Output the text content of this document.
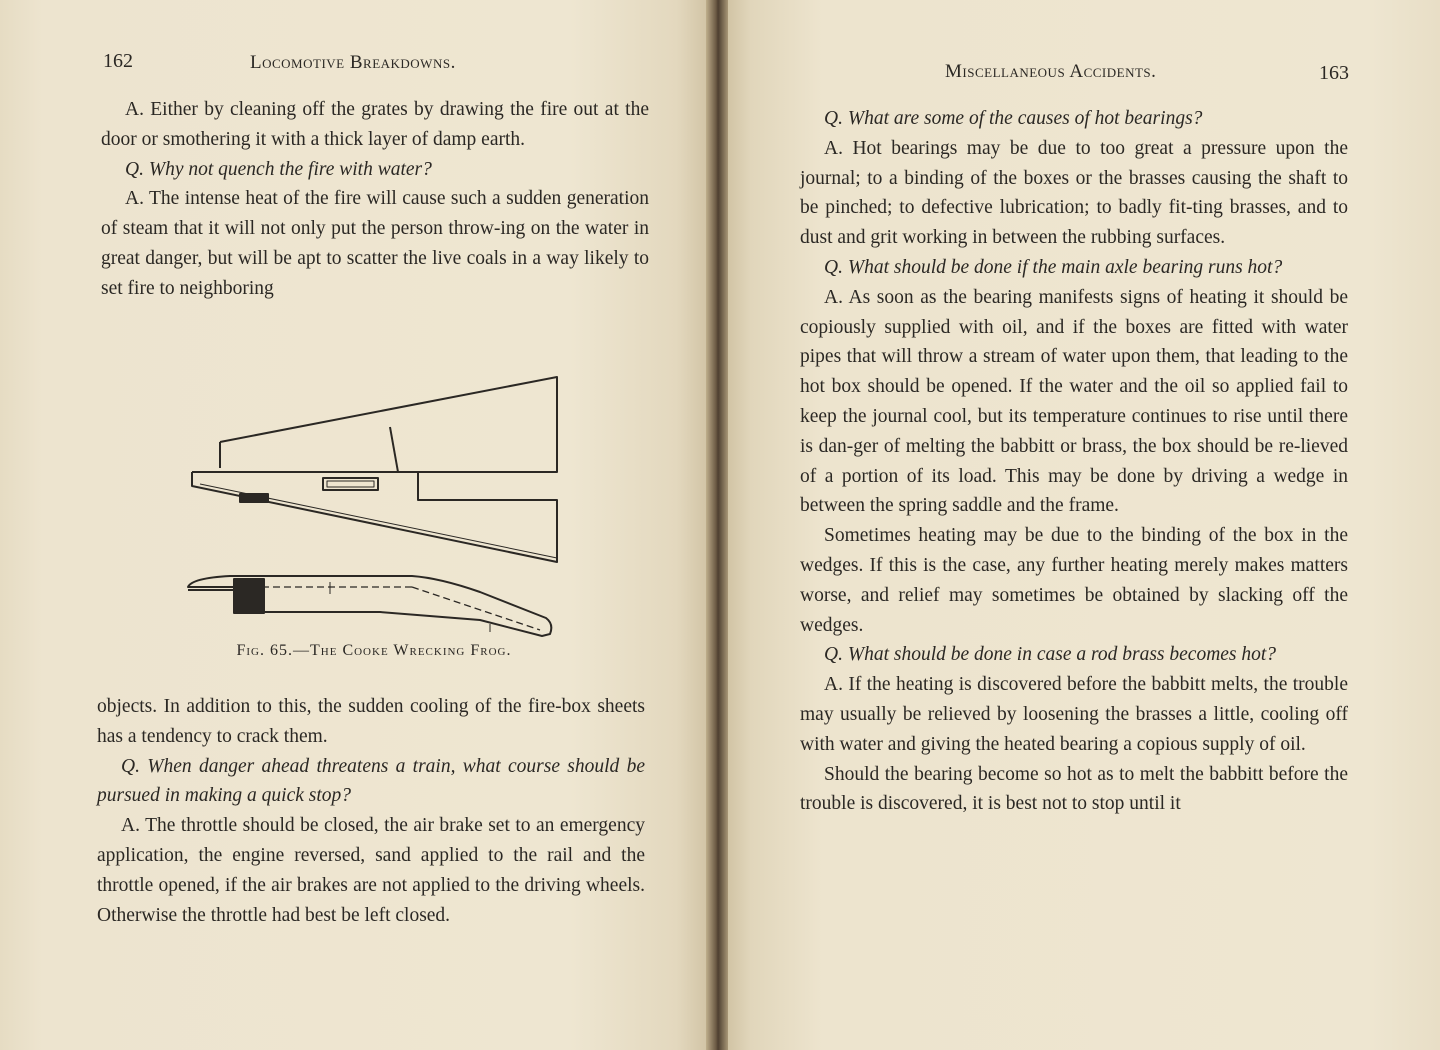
162	Locomotive Breakdowns.

A. Either by cleaning off the grates by drawing the fire out at the door or smothering it with a thick layer of damp earth.

Q. Why not quench the fire with water?

A. The intense heat of the fire will cause such a sudden generation of steam that it will not only put the person throw-ing on the water in great danger, but will be apt to scatter the live coals in a way likely to set fire to neighboring

Fig. 65.—The Cooke Wrecking Frog.

objects. In addition to this, the sudden cooling of the fire-box sheets has a tendency to crack them.

Q. When danger ahead threatens a train, what course should be pursued in making a quick stop?

A. The throttle should be closed, the air brake set to an emergency application, the engine reversed, sand applied to the rail and the throttle opened, if the air brakes are not applied to the driving wheels. Otherwise the throttle had best be left closed.

Miscellaneous Accidents.	163

Q. What are some of the causes of hot bearings?

A. Hot bearings may be due to too great a pressure upon the journal; to a binding of the boxes or the brasses causing the shaft to be pinched; to defective lubrication; to badly fit-ting brasses, and to dust and grit working in between the rubbing surfaces.

Q. What should be done if the main axle bearing runs hot?

A. As soon as the bearing manifests signs of heating it should be copiously supplied with oil, and if the boxes are fitted with water pipes that will throw a stream of water upon them, that leading to the hot box should be opened. If the water and the oil so applied fail to keep the journal cool, but its temperature continues to rise until there is dan-ger of melting the babbitt or brass, the box should be re-lieved of a portion of its load. This may be done by driving a wedge in between the spring saddle and the frame.

Sometimes heating may be due to the binding of the box in the wedges. If this is the case, any further heating merely makes matters worse, and relief may sometimes be obtained by slacking off the wedges.

Q. What should be done in case a rod brass becomes hot?

A. If the heating is discovered before the babbitt melts, the trouble may usually be relieved by loosening the brasses a little, cooling off with water and giving the heated bearing a copious supply of oil.

Should the bearing become so hot as to melt the babbitt before the trouble is discovered, it is best not to stop until it
